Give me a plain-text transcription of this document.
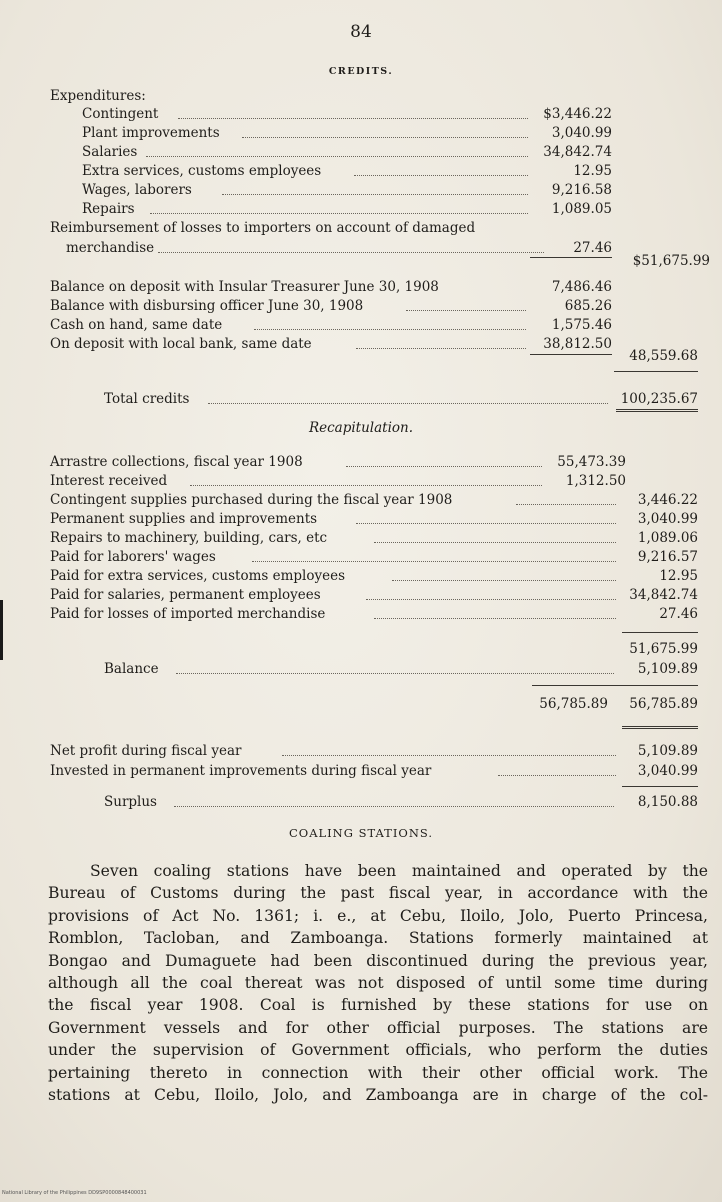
84
CREDITS.
Expenditures:
Contingent	$3,446.22
Plant improvements	3,040.99
Salaries	34,842.74
Extra services, customs employees	12.95
Wages, laborers	9,216.58
Repairs	1,089.05
Reimbursement of losses to importers on account of damaged
merchandise	27.46
$51,675.99
Balance on deposit with Insular Treasurer June 30, 1908	7,486.46
Balance with disbursing officer June 30, 1908	685.26
Cash on hand, same date	1,575.46
On deposit with local bank, same date	38,812.50
48,559.68
Total credits	100,235.67
Recapitulation.
Arrastre collections, fiscal year 1908	55,473.39
Interest received	1,312.50
Contingent supplies purchased during the fiscal year 1908	3,446.22
Permanent supplies and improvements	3,040.99
Repairs to machinery, building, cars, etc	1,089.06
Paid for laborers' wages	9,216.57
Paid for extra services, customs employees	12.95
Paid for salaries, permanent employees	34,842.74
Paid for losses of imported merchandise	27.46
51,675.99
Balance	5,109.89
56,785.89	56,785.89
Net profit during fiscal year	5,109.89
Invested in permanent improvements during fiscal year	3,040.99
Surplus	8,150.88
COALING STATIONS.
Seven coaling stations have been maintained and operated by the
Bureau of Customs during the past fiscal year, in accordance with the
provisions of Act No. 1361; i. e., at Cebu, Iloilo, Jolo, Puerto Princesa,
Romblon, Tacloban, and Zamboanga. Stations formerly maintained at
Bongao and Dumaguete had been discontinued during the previous year,
although all the coal thereat was not disposed of until some time during
the fiscal year 1908. Coal is furnished by these stations for use on
Government vessels and for other official purposes. The stations are
under the supervision of Government officials, who perform the duties
pertaining thereto in connection with their other official work. The
stations at Cebu, Iloilo, Jolo, and Zamboanga are in charge of the col-
National Library of the Philippines DD9SP0000848400031
